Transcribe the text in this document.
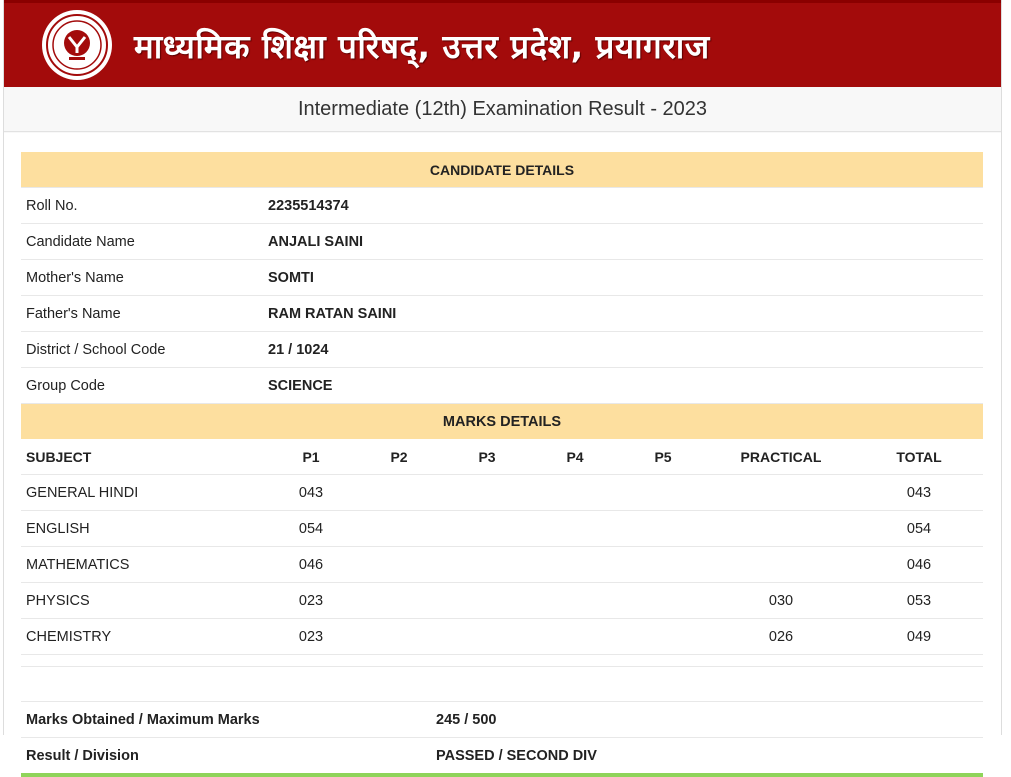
माध्यमिक शिक्षा परिषद्, उत्तर प्रदेश, प्रयागराज
Intermediate (12th) Examination Result - 2023
CANDIDATE DETAILS	
Roll No.	2235514374
Candidate Name	ANJALI SAINI
Mother's Name	SOMTI
Father's Name	RAM RATAN SAINI
District / School Code	21 / 1024
Group Code	SCIENCE
MARKS DETAILS							
SUBJECT	P1	P2	P3	P4	P5	PRACTICAL	TOTAL
GENERAL HINDI	043						043
ENGLISH	054						054
MATHEMATICS	046						046
PHYSICS	023					030	053
CHEMISTRY	023					026	049

Marks Obtained / Maximum Marks	245 / 500
Result / Division	PASSED / SECOND DIV
